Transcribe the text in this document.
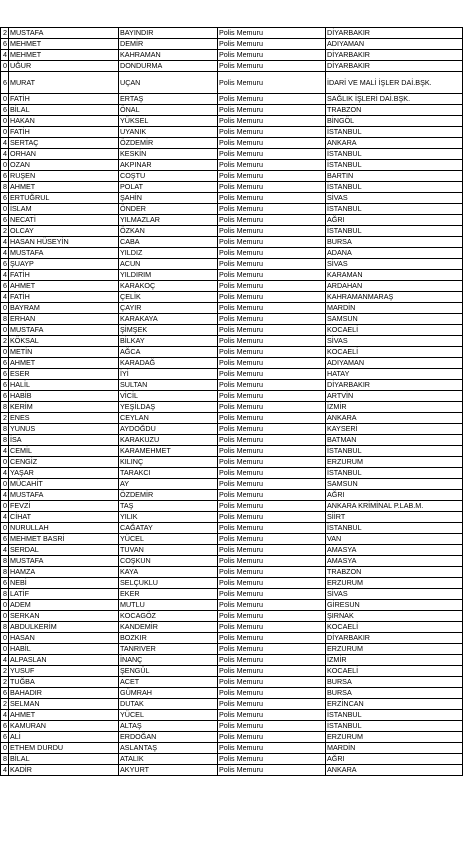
2	MUSTAFA	BAYINDIR	Polis Memuru	DİYARBAKIR
6	MEHMET	DEMİR	Polis Memuru	ADIYAMAN
4	MEHMET	KAHRAMAN	Polis Memuru	DİYARBAKIR
0	UĞUR	DONDURMA	Polis Memuru	DİYARBAKIR
6	MURAT	UÇAN	Polis Memuru	İDARİ VE MALİ İŞLER DAİ.BŞK.
0	FATİH	ERTAŞ	Polis Memuru	SAĞLIK İŞLERİ DAİ.BŞK.
6	BİLAL	ÖNAL	Polis Memuru	TRABZON
0	HAKAN	YÜKSEL	Polis Memuru	BİNGÖL
0	FATİH	UYANIK	Polis Memuru	İSTANBUL
4	SERTAÇ	ÖZDEMİR	Polis Memuru	ANKARA
4	ORHAN	KESKİN	Polis Memuru	İSTANBUL
0	OZAN	AKPINAR	Polis Memuru	İSTANBUL
6	RUŞEN	COŞTU	Polis Memuru	BARTIN
8	AHMET	POLAT	Polis Memuru	İSTANBUL
6	ERTUĞRUL	ŞAHİN	Polis Memuru	SİVAS
0	İSLAM	ÖNDER	Polis Memuru	İSTANBUL
6	NECATİ	YILMAZLAR	Polis Memuru	AĞRI
2	OLCAY	ÖZKAN	Polis Memuru	İSTANBUL
4	HASAN HÜSEYİN	CABA	Polis Memuru	BURSA
4	MUSTAFA	YILDIZ	Polis Memuru	ADANA
6	ŞUAYP	ACUN	Polis Memuru	SİVAS
4	FATİH	YILDIRIM	Polis Memuru	KARAMAN
6	AHMET	KARAKOÇ	Polis Memuru	ARDAHAN
4	FATİH	ÇELİK	Polis Memuru	KAHRAMANMARAŞ
0	BAYRAM	ÇAYIR	Polis Memuru	MARDİN
8	ERHAN	KARAKAYA	Polis Memuru	SAMSUN
0	MUSTAFA	ŞİMŞEK	Polis Memuru	KOCAELİ
2	KÖKSAL	BİLKAY	Polis Memuru	SİVAS
0	METİN	AĞCA	Polis Memuru	KOCAELİ
6	AHMET	KARADAĞ	Polis Memuru	ADIYAMAN
6	ESER	İYİ	Polis Memuru	HATAY
6	HALİL	SULTAN	Polis Memuru	DİYARBAKIR
6	HABİB	VİCİL	Polis Memuru	ARTVİN
8	KERİM	YEŞİLDAŞ	Polis Memuru	İZMİR
2	ENES	CEYLAN	Polis Memuru	ANKARA
8	YUNUS	AYDOĞDU	Polis Memuru	KAYSERİ
8	İSA	KARAKUZU	Polis Memuru	BATMAN
4	CEMİL	KARAMEHMET	Polis Memuru	İSTANBUL
0	CENGİZ	KILINÇ	Polis Memuru	ERZURUM
4	YAŞAR	TARAKCI	Polis Memuru	İSTANBUL
0	MÜCAHİT	AY	Polis Memuru	SAMSUN
4	MUSTAFA	ÖZDEMİR	Polis Memuru	AĞRI
0	FEVZİ	TAŞ	Polis Memuru	ANKARA KRİMİNAL P.LAB.M.
4	CİHAT	YILIK	Polis Memuru	SİİRT
0	NURULLAH	CAĞATAY	Polis Memuru	İSTANBUL
6	MEHMET BASRİ	YÜCEL	Polis Memuru	VAN
4	SERDAL	TUVAN	Polis Memuru	AMASYA
8	MUSTAFA	COŞKUN	Polis Memuru	AMASYA
8	HAMZA	KAYA	Polis Memuru	TRABZON
6	NEBİ	SELÇUKLU	Polis Memuru	ERZURUM
8	LATİF	EKER	Polis Memuru	SİVAS
0	ADEM	MUTLU	Polis Memuru	GİRESUN
0	SERKAN	KOCAGÖZ	Polis Memuru	ŞIRNAK
8	ABDULKERİM	KANDEMİR	Polis Memuru	KOCAELİ
0	HASAN	BOZKIR	Polis Memuru	DİYARBAKIR
0	HABİL	TANRIVER	Polis Memuru	ERZURUM
4	ALPASLAN	İNANÇ	Polis Memuru	İZMİR
2	YUSUF	ŞENGÜL	Polis Memuru	KOCAELİ
2	TUĞBA	ACET	Polis Memuru	BURSA
6	BAHADIR	GÜMRAH	Polis Memuru	BURSA
2	SELMAN	DUTAK	Polis Memuru	ERZİNCAN
4	AHMET	YÜCEL	Polis Memuru	İSTANBUL
6	KAMURAN	ALTAŞ	Polis Memuru	İSTANBUL
6	ALİ	ERDOĞAN	Polis Memuru	ERZURUM
0	ETHEM DURDU	ASLANTAŞ	Polis Memuru	MARDİN
8	BİLAL	ATALIK	Polis Memuru	AĞRI
4	KADİR	AKYURT	Polis Memuru	ANKARA
